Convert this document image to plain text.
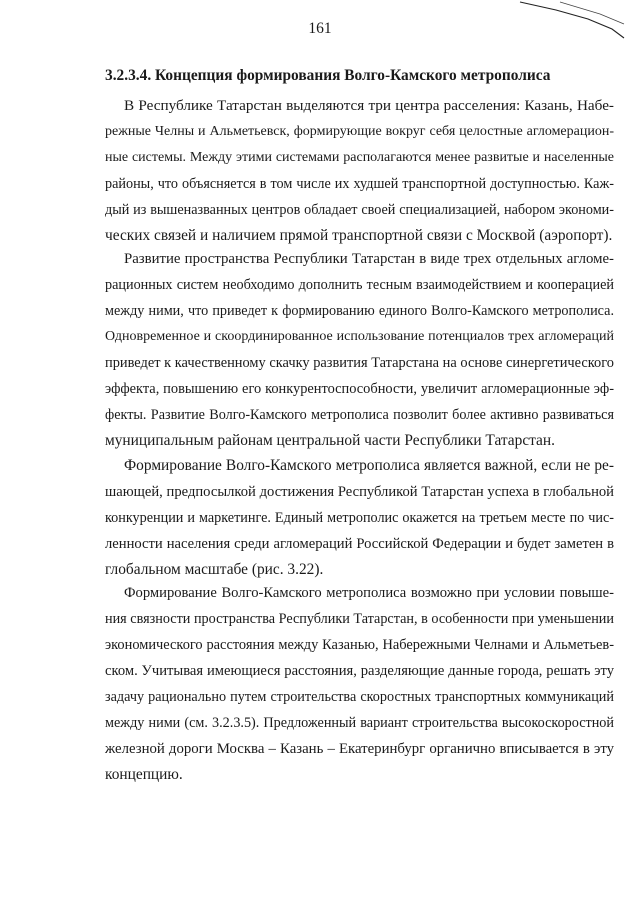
161
3.2.3.4. Концепция формирования Волго-Камского метрополиса
В Республике Татарстан выделяются три центра расселения: Казань, Набе-
режные Челны и Альметьевск, формирующие вокруг себя целостные агломерацион-
ные системы. Между этими системами располагаются менее развитые и населенные
районы, что объясняется в том числе их худшей транспортной доступностью. Каж-
дый из вышеназванных центров обладает своей специализацией, набором экономи-
ческих связей и наличием прямой транспортной связи с Москвой (аэропорт).
Развитие пространства Республики Татарстан в виде трех отдельных агломе-
рационных систем необходимо дополнить тесным взаимодействием и кооперацией
между ними, что приведет к формированию единого Волго-Камского метрополиса.
Одновременное и скоординированное использование потенциалов трех агломераций
приведет к качественному скачку развития Татарстана на основе синергетического
эффекта, повышению его конкурентоспособности, увеличит агломерационные эф-
фекты. Развитие Волго-Камского метрополиса позволит более активно развиваться
муниципальным районам центральной части Республики Татарстан.
Формирование Волго-Камского метрополиса является важной, если не ре-
шающей, предпосылкой достижения Республикой Татарстан успеха в глобальной
конкуренции и маркетинге. Единый метрополис окажется на третьем месте по чис-
ленности населения среди агломераций Российской Федерации и будет заметен в
глобальном масштабе (рис. 3.22).
Формирование Волго-Камского метрополиса возможно при условии повыше-
ния связности пространства Республики Татарстан, в особенности при уменьшении
экономического расстояния между Казанью, Набережными Челнами и Альметьев-
ском. Учитывая имеющиеся расстояния, разделяющие данные города, решать эту
задачу рационально путем строительства скоростных транспортных коммуникаций
между ними (см. 3.2.3.5). Предложенный вариант строительства высокоскоростной
железной дороги Москва – Казань – Екатеринбург органично вписывается в эту
концепцию.
